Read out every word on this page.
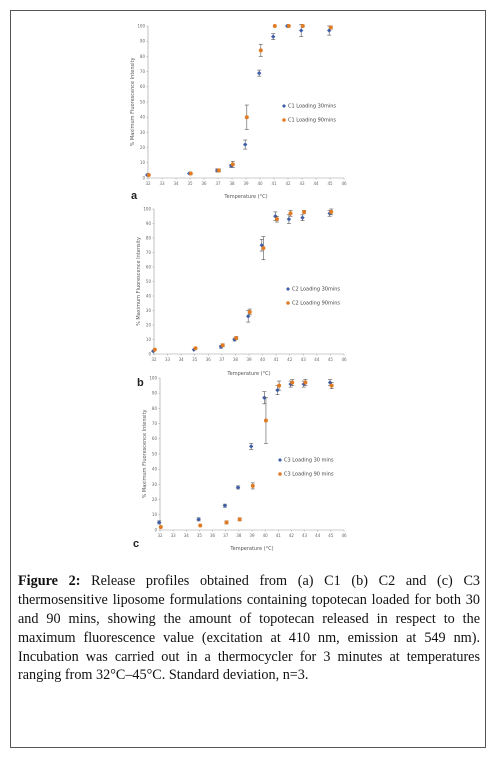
0
10
20
30
40
50
60
70
80
90
100
32 33 34 35 36 37 38 39 40 41 42 43 44 45 46
Temperature (°C)
% Maximum Fluorescence Intensity	C1 Loading 30mins
C1 Loading 90mins
a
0
10
20
30
40
50
60
70
80
90
100
32 33 34 35 36 37 38 39 40 41 42 43 44 45 46
Temperature (°C)
% Maximum Fluorescence Intensity	C2 Loading 30mins
C2 Loading 90mins
b
0
10
20
30
40
50
60
70
80
90
100
32 33 34 35 36 37 38 39 40 41 42 43 44 45 46
Temperature (°C)
% Maximum Fluorescence Intensity	C3 Loading 30 mins
C3 Loading 90 mins
c
Figure 2: Release profiles obtained from (a) C1 (b) C2 and (c) C3 thermosensitive liposome formulations containing topotecan loaded for both 30 and 90 mins, showing the amount of topotecan released in respect to the maximum fluorescence value (excitation at 410 nm, emission at 549 nm). Incubation was carried out in a thermocycler for 3 minutes at temperatures ranging from 32°C–45°C. Standard deviation, n=3.
